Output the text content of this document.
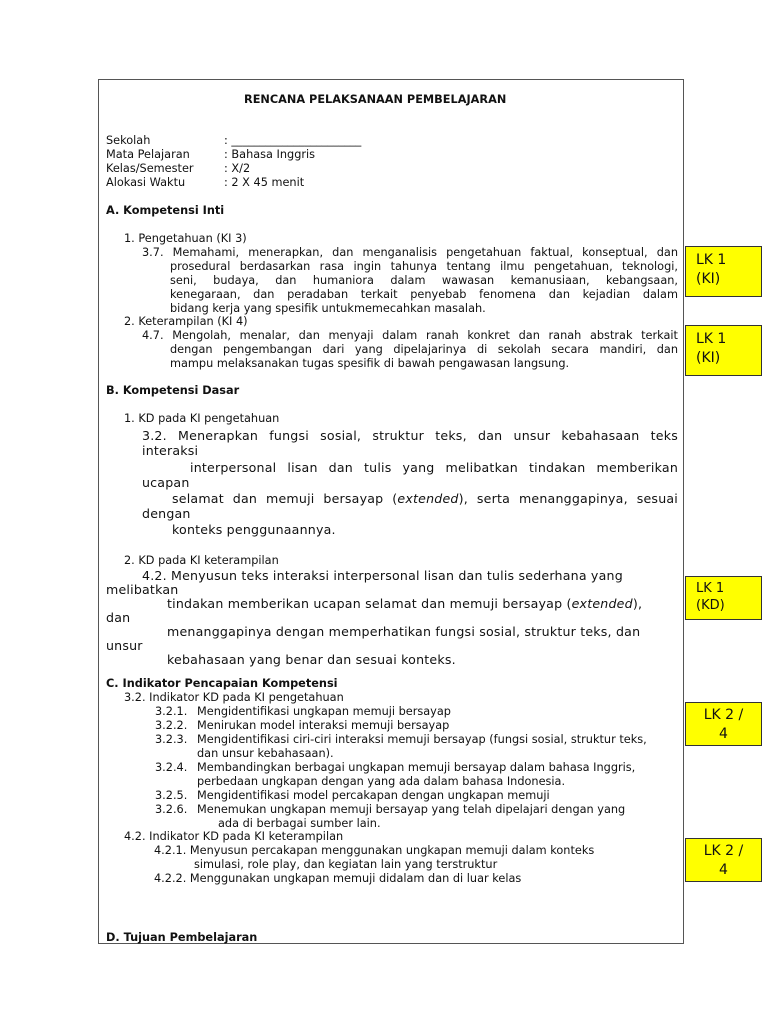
RENCANA PELAKSANAAN PEMBELAJARAN
Sekolah	: _______________________
Mata Pelajaran	: Bahasa Inggris
Kelas/Semester	: X/2
Alokasi Waktu	: 2 X 45 menit
A. Kompetensi Inti
1. Pengetahuan (KI 3)
3.7. Memahami, menerapkan, dan menganalisis pengetahuan faktual, konseptual, dan
prosedural berdasarkan rasa ingin tahunya tentang ilmu pengetahuan, teknologi,
seni, budaya, dan humaniora dalam wawasan kemanusiaan, kebangsaan,
kenegaraan, dan peradaban terkait penyebab fenomena dan kejadian dalam
bidang kerja yang spesifik untukmemecahkan masalah.
2. Keterampilan (KI 4)
4.7. Mengolah, menalar, dan menyaji dalam ranah konkret dan ranah abstrak terkait
dengan pengembangan dari yang dipelajarinya di sekolah secara mandiri, dan
mampu melaksanakan tugas spesifik di bawah pengawasan langsung.
B. Kompetensi Dasar
1. KD pada KI pengetahuan
3.2. Menerapkan fungsi sosial, struktur teks, dan unsur kebahasaan teks
interaksi
interpersonal lisan dan tulis yang melibatkan tindakan memberikan
ucapan
selamat dan memuji bersayap (extended), serta menanggapinya, sesuai
dengan
konteks penggunaannya.
2. KD pada KI keterampilan
4.2. Menyusun teks interaksi interpersonal lisan dan tulis sederhana yang
melibatkan
tindakan memberikan ucapan selamat dan memuji bersayap (extended),
dan
menanggapinya dengan memperhatikan fungsi sosial, struktur teks, dan
unsur
kebahasaan yang benar dan sesuai konteks.
C. Indikator Pencapaian Kompetensi
3.2. Indikator KD pada KI pengetahuan
3.2.1. Mengidentifikasi ungkapan memuji bersayap
3.2.2. Menirukan model interaksi memuji bersayap
3.2.3. Mengidentifikasi ciri-ciri interaksi memuji bersayap (fungsi sosial, struktur teks,
dan unsur kebahasaan).
3.2.4. Membandingkan berbagai ungkapan memuji bersayap dalam bahasa Inggris,
perbedaan ungkapan dengan yang ada dalam bahasa Indonesia.
3.2.5. Mengidentifikasi model percakapan dengan ungkapan memuji
3.2.6. Menemukan ungkapan memuji bersayap yang telah dipelajari dengan yang
ada di berbagai sumber lain.
4.2. Indikator KD pada KI keterampilan
4.2.1. Menyusun percakapan menggunakan ungkapan memuji dalam konteks
simulasi, role play, dan kegiatan lain yang terstruktur
4.2.2. Menggunakan ungkapan memuji didalam dan di luar kelas
D. Tujuan Pembelajaran
LK 1
(KI)
LK 1
(KI)
LK 1
(KD)
LK 2 /
4
LK 2 /
4
